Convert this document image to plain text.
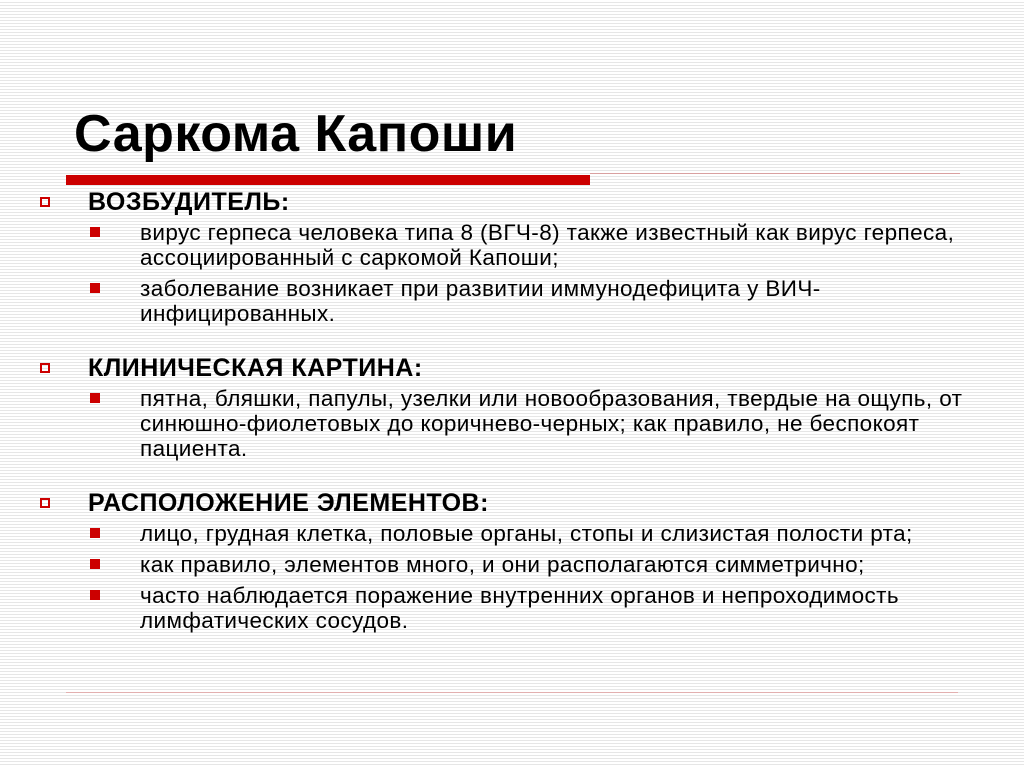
Саркома Капоши
ВОЗБУДИТЕЛЬ:
вирус герпеса человека типа 8 (ВГЧ-8) также известный как вирус герпеса, ассоциированный с саркомой Капоши;
заболевание возникает при развитии иммунодефицита у ВИЧ-инфицированных.
КЛИНИЧЕСКАЯ КАРТИНА:
пятна, бляшки, папулы, узелки или новообразования, твердые на ощупь, от синюшно-фиолетовых до коричнево-черных; как правило, не беспокоят пациента.
РАСПОЛОЖЕНИЕ ЭЛЕМЕНТОВ:
лицо, грудная клетка, половые органы, стопы и слизистая полости рта;
как правило, элементов много, и они располагаются симметрично;
часто наблюдается поражение внутренних органов и непроходимость лимфатических сосудов.
